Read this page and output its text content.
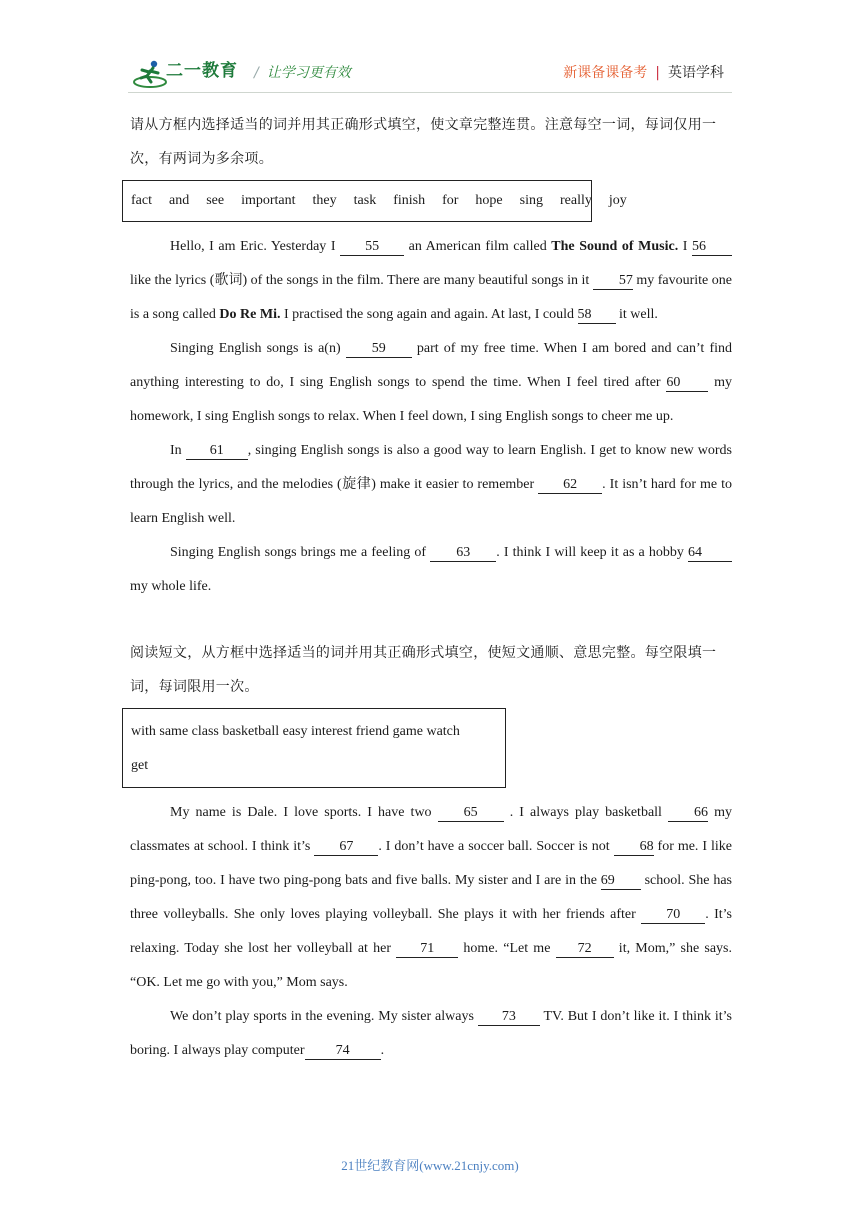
二一教育 / 让学习更有效	新课备课备考 | 英语学科

请从方框内选择适当的词并用其正确形式填空，使文章完整连贯。注意每空一词，每词仅用一次，有两词为多余项。

fact and see important they task finish for hope sing really joy

Hello, I am Eric. Yesterday I 55 an American film called The Sound of Music. I 56 like the lyrics (歌词) of the songs in the film. There are many beautiful songs in it 57 my favourite one is a song called Do Re Mi. I practised the song again and again. At last, I could 58 it well.

Singing English songs is a(n) 59 part of my free time. When I am bored and can’t find anything interesting to do, I sing English songs to spend the time. When I feel tired after 60 my homework, I sing English songs to relax. When I feel down, I sing English songs to cheer me up.

In 61 , singing English songs is also a good way to learn English. I get to know new words through the lyrics, and the melodies (旋律) make it easier to remember 62 . It isn’t hard for me to learn English well.

Singing English songs brings me a feeling of 63 . I think I will keep it as a hobby 64 my whole life.

阅读短文，从方框中选择适当的词并用其正确形式填空，使短文通顺、意思完整。每空限填一词，每词限用一次。

with same class basketball easy interest friend game watch
get

My name is Dale. I love sports. I have two 65 . I always play basketball 66 my classmates at school. I think it’s 67 . I don’t have a soccer ball. Soccer is not 68 for me. I like ping-pong, too. I have two ping-pong bats and five balls. My sister and I are in the 69 school. She has three volleyballs. She only loves playing volleyball. She plays it with her friends after 70 . It’s relaxing. Today she lost her volleyball at her 71 home. “Let me 72 it, Mom,” she says. “OK. Let me go with you,” Mom says.

We don’t play sports in the evening. My sister always 73 TV. But I don’t like it. I think it’s boring. I always play computer 74 .

21世纪教育网(www.21cnjy.com)
